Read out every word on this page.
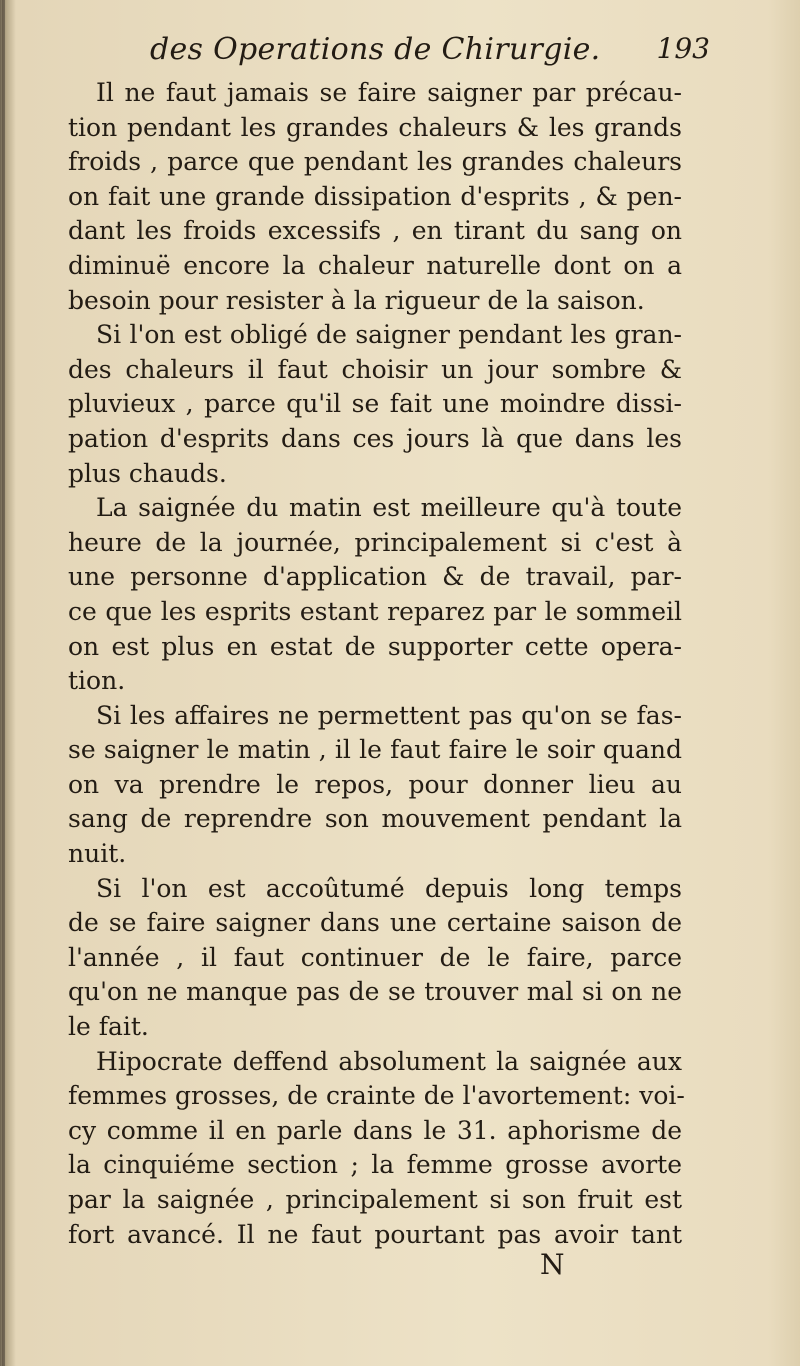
des Operations de Chirurgie. 193
Il ne faut jamais se faire saigner par précau-
tion pendant les grandes chaleurs & les grands
froids , parce que pendant les grandes chaleurs
on fait une grande dissipation d'esprits , & pen-
dant les froids excessifs , en tirant du sang on
diminuë encore la chaleur naturelle dont on a
besoin pour resister à la rigueur de la saison.
Si l'on est obligé de saigner pendant les gran-
des chaleurs il faut choisir un jour sombre &
pluvieux , parce qu'il se fait une moindre dissi-
pation d'esprits dans ces jours là que dans les
plus chauds.
La saignée du matin est meilleure qu'à toute
heure de la journée, principalement si c'est à
une personne d'application & de travail, par-
ce que les esprits estant reparez par le sommeil
on est plus en estat de supporter cette opera-
tion.
Si les affaires ne permettent pas qu'on se fas-
se saigner le matin , il le faut faire le soir quand
on va prendre le repos, pour donner lieu au
sang de reprendre son mouvement pendant la
nuit.
Si l'on est accoûtumé depuis long temps
de se faire saigner dans une certaine saison de
l'année , il faut continuer de le faire, parce
qu'on ne manque pas de se trouver mal si on ne
le fait.
Hipocrate deffend absolument la saignée aux
femmes grosses, de crainte de l'avortement: voi-
cy comme il en parle dans le 31. aphorisme de
la cinquiéme section ; la femme grosse avorte
par la saignée , principalement si son fruit est
fort avancé. Il ne faut pourtant pas avoir tant
N
